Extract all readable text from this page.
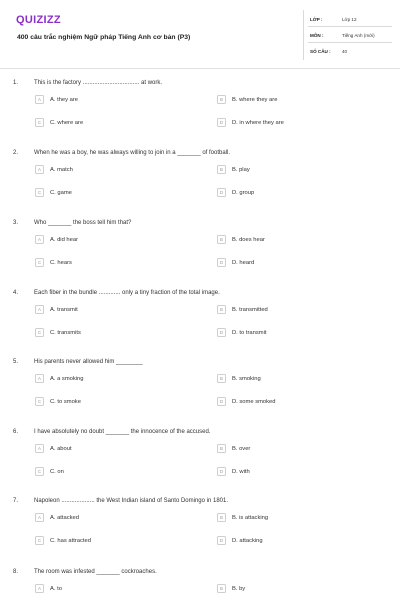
QUIZIZZ
400 câu trắc nghiệm Ngữ pháp Tiếng Anh cơ bản (P3)
LỚP :	Lớp 12
MÔN :	Tiếng Anh (mới)
SỐ CÂU : 40
1.	This is the factory .................................. at work.
A	A. they are	B	B. where they are
C	C. where are	D	D. in where they are
2.	When he was a boy, he was always willing to join in a _______ of football.
A	A. match	B	B. play
C	C. game	D	D. group
3.	Who _______ the boss tell him that?
A	A. did hear	B	B. does hear
C	C. hears	D	D. heard
4.	Each fiber in the bundle ............. only a tiny fraction of the total image.
A	A. transmit	B	B. transmitted
C	C. transmits	D	D. to transmit
5.	His parents never allowed him ________
A	A. a smoking	B	B. smoking
C	C. to smoke	D	D. some smoked
6.	I have absolutely no doubt _______ the innocence of the accused.
A	A. about	B	B. over
C	C. on	D	D. with
7.	Napoleon .................... the West Indian island of Santo Domingo in 1801.
A	A. attacked	B	B. is attacking
C	C. has attracted	D	D. attacking
8.	The room was infested _______ cockroaches.
A	A. to	B	B. by
